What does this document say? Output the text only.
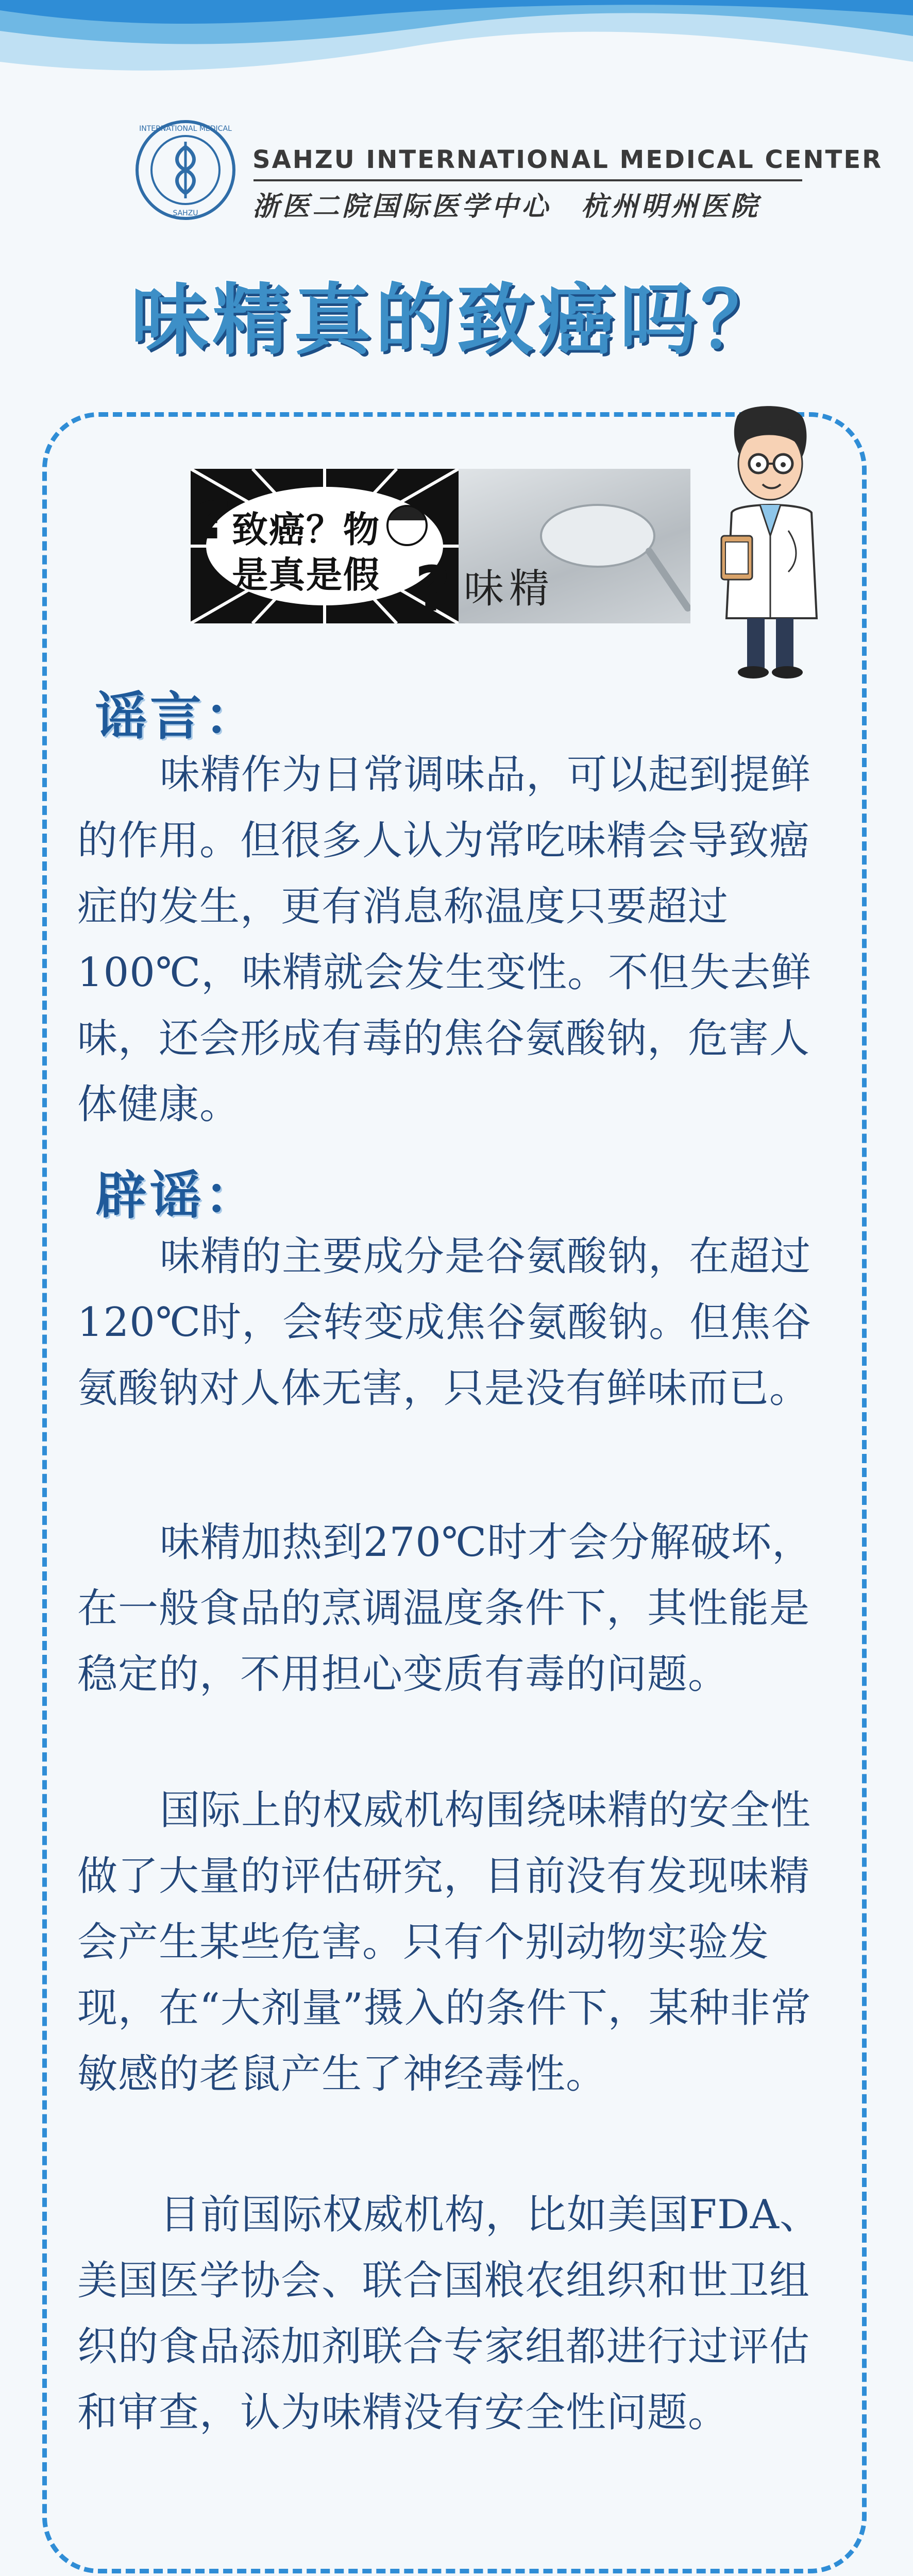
INTERNATIONAL MEDICAL
SAHZU
SAHZU INTERNATIONAL MEDICAL CENTER
浙医二院国际医学中心　杭州明州医院
味精真的致癌吗？
?
?
致癌？物
是真是假 味精
谣言：

味精作为日常调味品，可以起到提鲜的作用。但很多人认为常吃味精会导致癌症的发生，更有消息称温度只要超过100℃，味精就会发生变性。不但失去鲜味，还会形成有毒的焦谷氨酸钠，危害人体健康。

辟谣：

味精的主要成分是谷氨酸钠，在超过120℃时，会转变成焦谷氨酸钠。但焦谷氨酸钠对人体无害，只是没有鲜味而已。

味精加热到270℃时才会分解破坏，在一般食品的烹调温度条件下，其性能是稳定的，不用担心变质有毒的问题。

国际上的权威机构围绕味精的安全性做了大量的评估研究，目前没有发现味精会产生某些危害。只有个别动物实验发现，在“大剂量”摄入的条件下，某种非常敏感的老鼠产生了神经毒性。

目前国际权威机构，比如美国FDA、美国医学协会、联合国粮农组织和世卫组织的食品添加剂联合专家组都进行过评估和审查，认为味精没有安全性问题。
